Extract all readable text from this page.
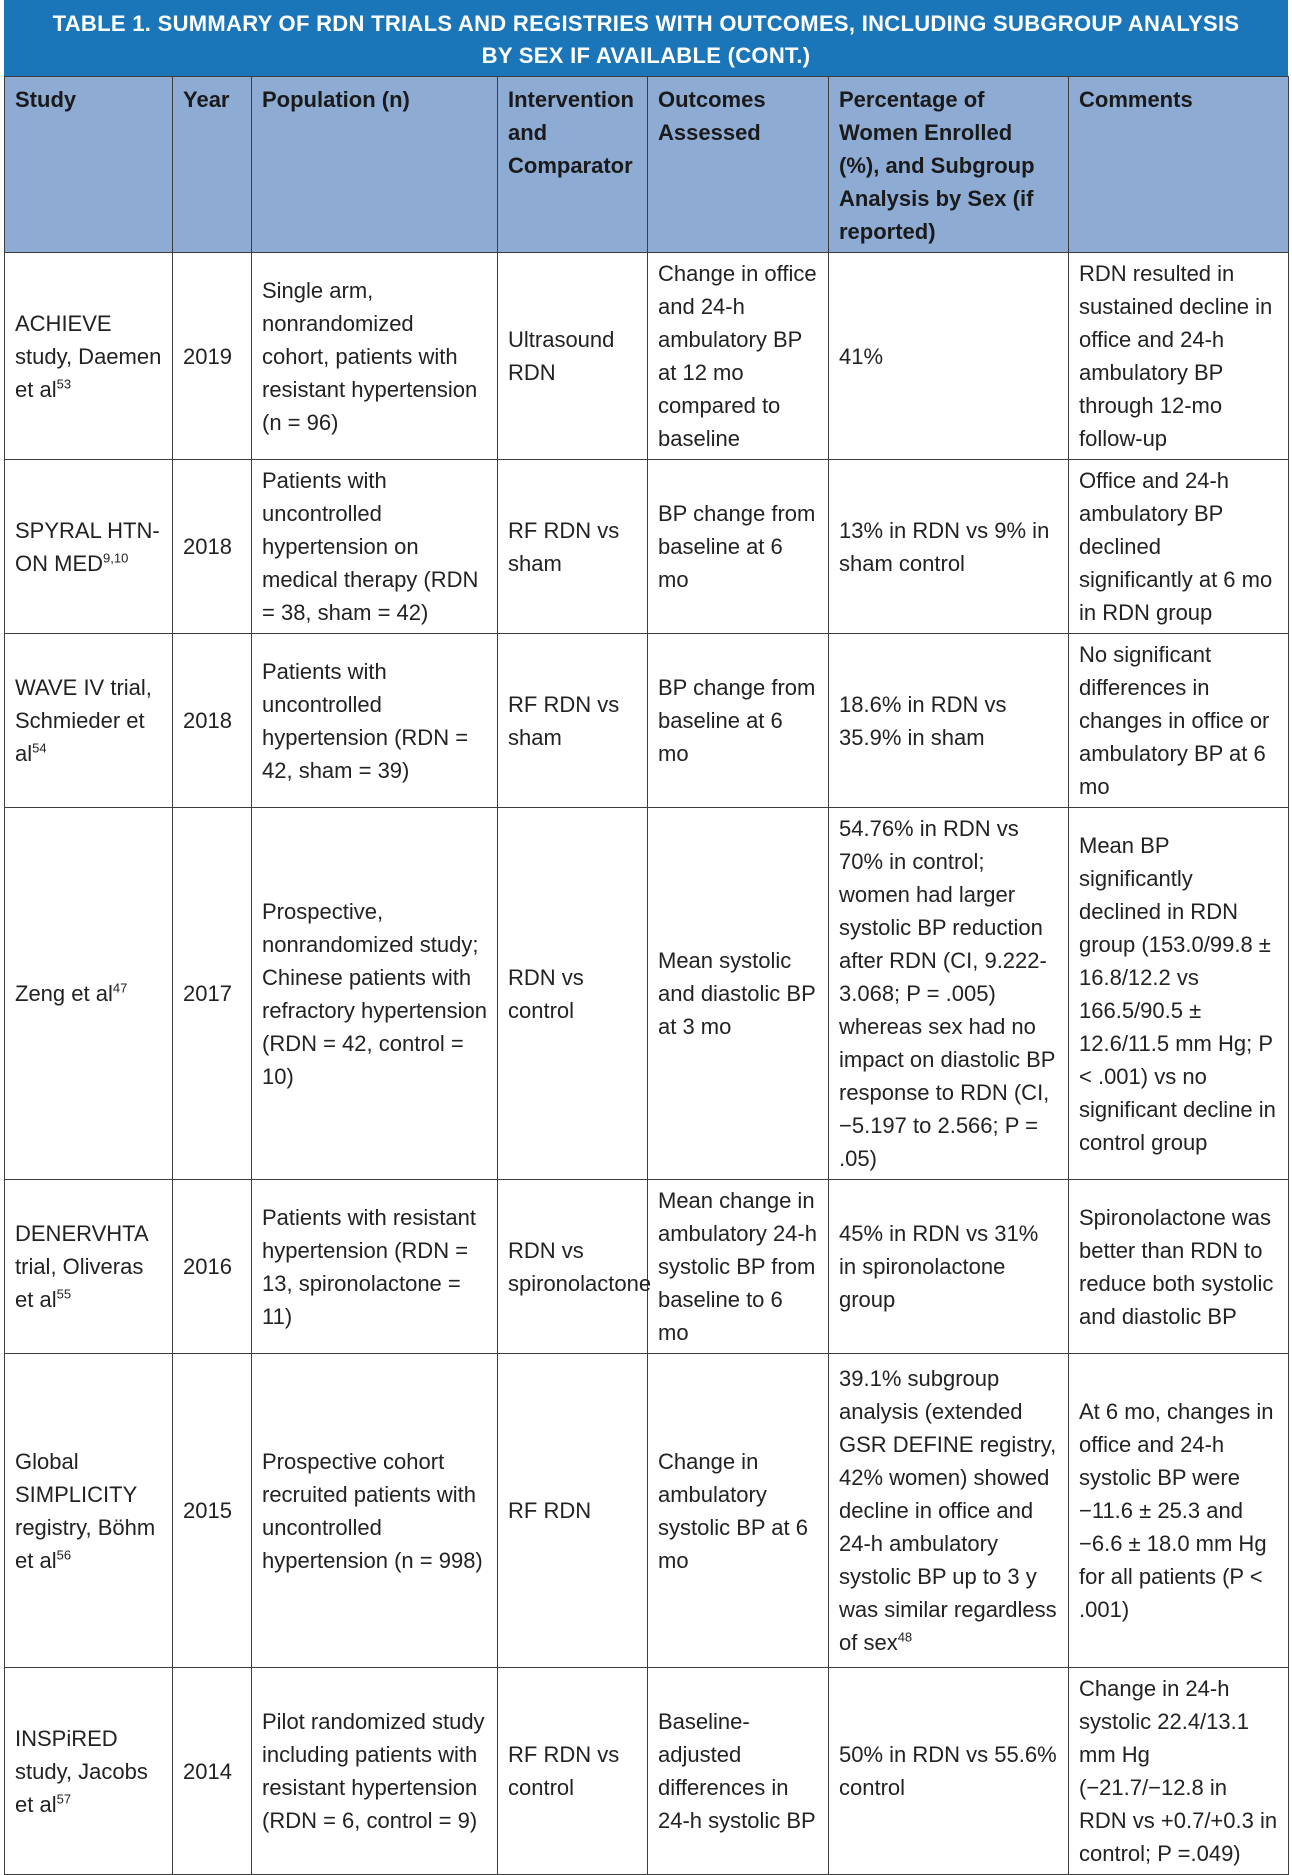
TABLE 1. SUMMARY OF RDN TRIALS AND REGISTRIES WITH OUTCOMES, INCLUDING SUBGROUP ANALYSIS BY SEX IF AVAILABLE (CONT.)
Study	Year	Population (n)	Intervention and Comparator	Outcomes Assessed	Percentage of Women Enrolled (%), and Subgroup Analysis by Sex (if reported)	Comments
ACHIEVE study, Daemen et $al^{53}$	2019	Single arm, nonrandomized cohort, patients with resistant hypertension (n = 96)	Ultrasound RDN	Change in office and 24-h ambulatory BP at 12 mo compared to baseline	41%	RDN resulted in sustained decline in office and 24-h ambulatory BP through 12-mo follow-up
SPYRAL HTN-ON MED$^{9,10}$	2018	Patients with uncontrolled hypertension on medical therapy (RDN = 38, sham = 42)	RF RDN vs sham	BP change from baseline at 6 mo	13% in RDN vs 9% in sham control	Office and 24-h ambulatory BP declined significantly at 6 mo in RDN group
WAVE IV trial, Schmieder et $al^{54}$	2018	Patients with uncontrolled hypertension (RDN = 42, sham = 39)	RF RDN vs sham	BP change from baseline at 6 mo	18.6% in RDN vs 35.9% in sham	No significant differences in changes in office or ambulatory BP at 6 mo
Zeng et $al^{47}$	2017	Prospective, nonrandomized study; Chinese patients with refractory hypertension (RDN = 42, control = 10)	RDN vs control	Mean systolic and diastolic BP at 3 mo	54.76% in RDN vs 70% in control; women had larger systolic BP reduction after RDN (CI, 9.222-3.068; P = .005) whereas sex had no impact on diastolic BP response to RDN (CI, −5.197 to 2.566; P = .05)	Mean BP significantly declined in RDN group (153.0/99.8 ± 16.8/12.2 vs 166.5/90.5 ± 12.6/11.5 mm Hg; P < .001) vs no significant decline in control group
DENERVHTA trial, Oliveras et $al^{55}$	2016	Patients with resistant hypertension (RDN = 13, spironolactone = 11)	RDN vs spironolactone	Mean change in ambulatory 24-h systolic BP from baseline to 6 mo	45% in RDN vs 31% in spironolactone group	Spironolactone was better than RDN to reduce both systolic and diastolic BP
Global SIMPLICITY registry, Böhm et $al^{56}$	2015	Prospective cohort recruited patients with uncontrolled hypertension (n = 998)	RF RDN	Change in ambulatory systolic BP at 6 mo	39.1% subgroup analysis (extended GSR DEFINE registry, 42% women) showed decline in office and 24-h ambulatory systolic BP up to 3 y was similar regardless of sex$^{48}$	At 6 mo, changes in office and 24-h systolic BP were −11.6 ± 25.3 and −6.6 ± 18.0 mm Hg for all patients (P < .001)
INSPiRED study, Jacobs et $al^{57}$	2014	Pilot randomized study including patients with resistant hypertension (RDN = 6, control = 9)	RF RDN vs control	Baseline-adjusted differences in 24-h systolic BP	50% in RDN vs 55.6% control	Change in 24-h systolic 22.4/13.1 mm Hg (−21.7/−12.8 in RDN vs +0.7/+0.3 in control; P =.049)
